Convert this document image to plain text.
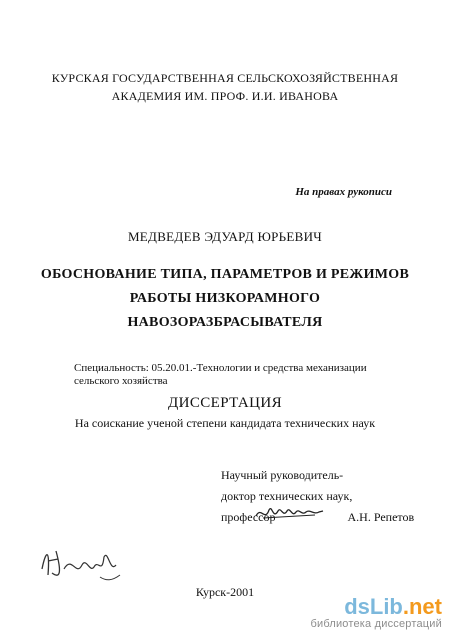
КУРСКАЯ ГОСУДАРСТВЕННАЯ СЕЛЬСКОХОЗЯЙСТВЕННАЯ
АКАДЕМИЯ ИМ. ПРОФ. И.И. ИВАНОВА
На правах рукописи
МЕДВЕДЕВ ЭДУАРД ЮРЬЕВИЧ
ОБОСНОВАНИЕ ТИПА, ПАРАМЕТРОВ И РЕЖИМОВ
РАБОТЫ НИЗКОРАМНОГО
НАВОЗОРАЗБРАСЫВАТЕЛЯ
Специальность: 05.20.01.-Технологии и средства механизации сельского хозяйства
ДИССЕРТАЦИЯ
На соискание ученой степени кандидата технических наук
Научный руководитель-
доктор технических наук,
профессор	А.Н. Репетов
Курск-2001
dsLib.net
библиотека диссертаций
